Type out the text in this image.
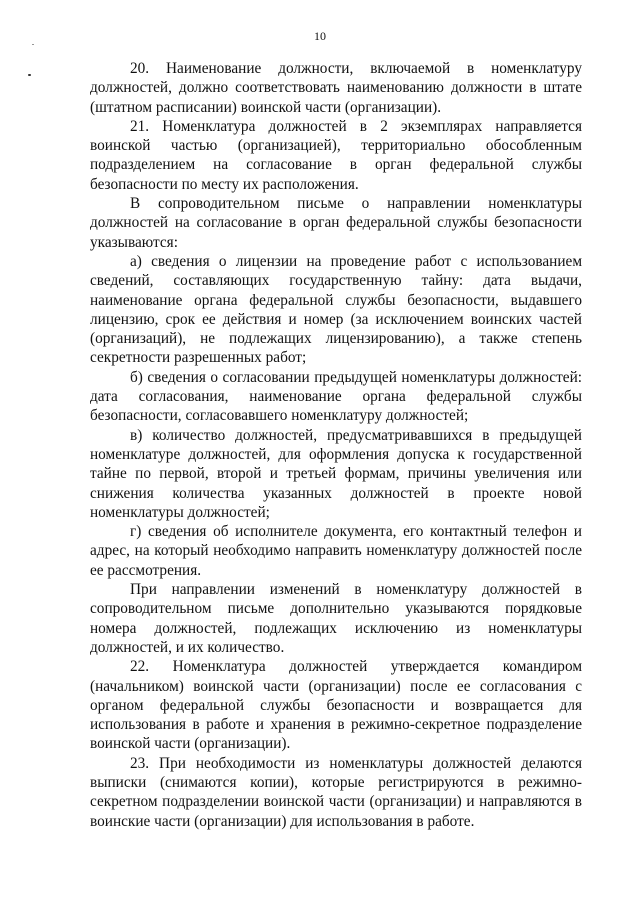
10

20. Наименование должности, включаемой в номенклатуру должностей, должно соответствовать наименованию должности в штате (штатном расписании) воинской части (организации).

21. Номенклатура должностей в 2 экземплярах направляется воинской частью (организацией), территориально обособленным подразделением на согласование в орган федеральной службы безопасности по месту их расположения.

В сопроводительном письме о направлении номенклатуры должностей на согласование в орган федеральной службы безопасности указываются:

а) сведения о лицензии на проведение работ с использованием сведений, составляющих государственную тайну: дата выдачи, наименование органа федеральной службы безопасности, выдавшего лицензию, срок ее действия и номер (за исключением воинских частей (организаций), не подлежащих лицензированию), а также степень секретности разрешенных работ;

б) сведения о согласовании предыдущей номенклатуры должностей: дата согласования, наименование органа федеральной службы безопасности, согласовавшего номенклатуру должностей;

в) количество должностей, предусматривавшихся в предыдущей номенклатуре должностей, для оформления допуска к государственной тайне по первой, второй и третьей формам, причины увеличения или снижения количества указанных должностей в проекте новой номенклатуры должностей;

г) сведения об исполнителе документа, его контактный телефон и адрес, на который необходимо направить номенклатуру должностей после ее рассмотрения.

При направлении изменений в номенклатуру должностей в сопроводительном письме дополнительно указываются порядковые номера должностей, подлежащих исключению из номенклатуры должностей, и их количество.

22. Номенклатура должностей утверждается командиром (начальником) воинской части (организации) после ее согласования с органом федеральной службы безопасности и возвращается для использования в работе и хранения в режимно-секретное подразделение воинской части (организации).

23. При необходимости из номенклатуры должностей делаются выписки (снимаются копии), которые регистрируются в режимно-секретном подразделении воинской части (организации) и направляются в воинские части (организации) для использования в работе.
